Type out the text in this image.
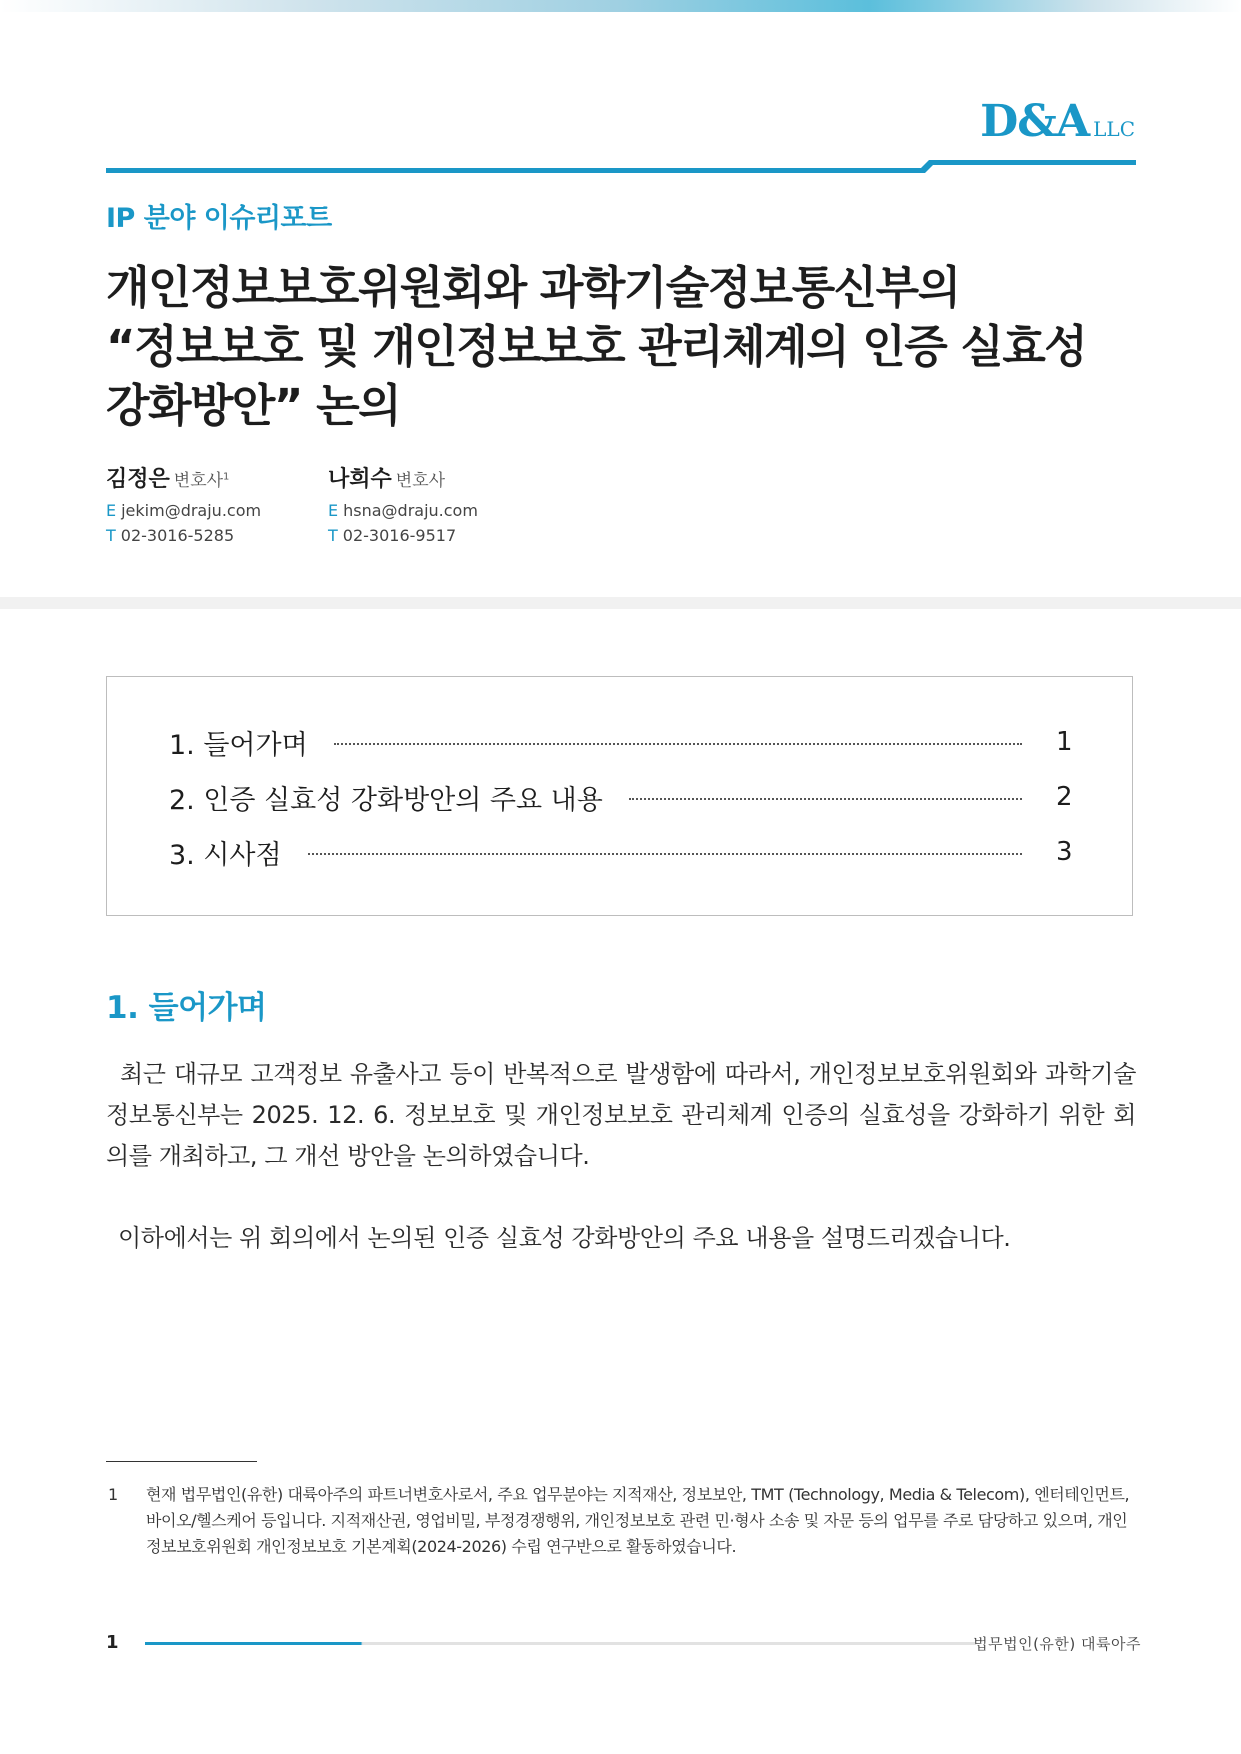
D&A LLC
IP 분야 이슈리포트
개인정보보호위원회와 과학기술정보통신부의
“정보보호 및 개인정보보호 관리체계의 인증 실효성
강화방안” 논의
김정은 변호사$^1$
E jekim@draju.com
T 02-3016-5285
나희수 변호사
E hsna@draju.com
T 02-3016-9517
1. 들어가며	1
2. 인증 실효성 강화방안의 주요 내용	2
3. 시사점	3
1. 들어가며

최근 대규모 고객정보 유출사고 등이 반복적으로 발생함에 따라서, 개인정보보호위원회와 과학기술정보통신부는 2025. 12. 6. 정보보호 및 개인정보보호 관리체계 인증의 실효성을 강화하기 위한 회의를 개최하고, 그 개선 방안을 논의하였습니다.

이하에서는 위 회의에서 논의된 인증 실효성 강화방안의 주요 내용을 설명드리겠습니다.

1	현재 법무법인(유한) 대륙아주의 파트너변호사로서, 주요 업무분야는 지적재산, 정보보안, TMT (Technology, Media & Telecom), 엔터테인먼트, 바이오/헬스케어 등입니다. 지적재산권, 영업비밀, 부정경쟁행위, 개인정보보호 관련 민·형사 소송 및 자문 등의 업무를 주로 담당하고 있으며, 개인정보보호위원회 개인정보보호 기본계획(2024-2026) 수립 연구반으로 활동하였습니다.
1	법무법인(유한) 대륙아주
